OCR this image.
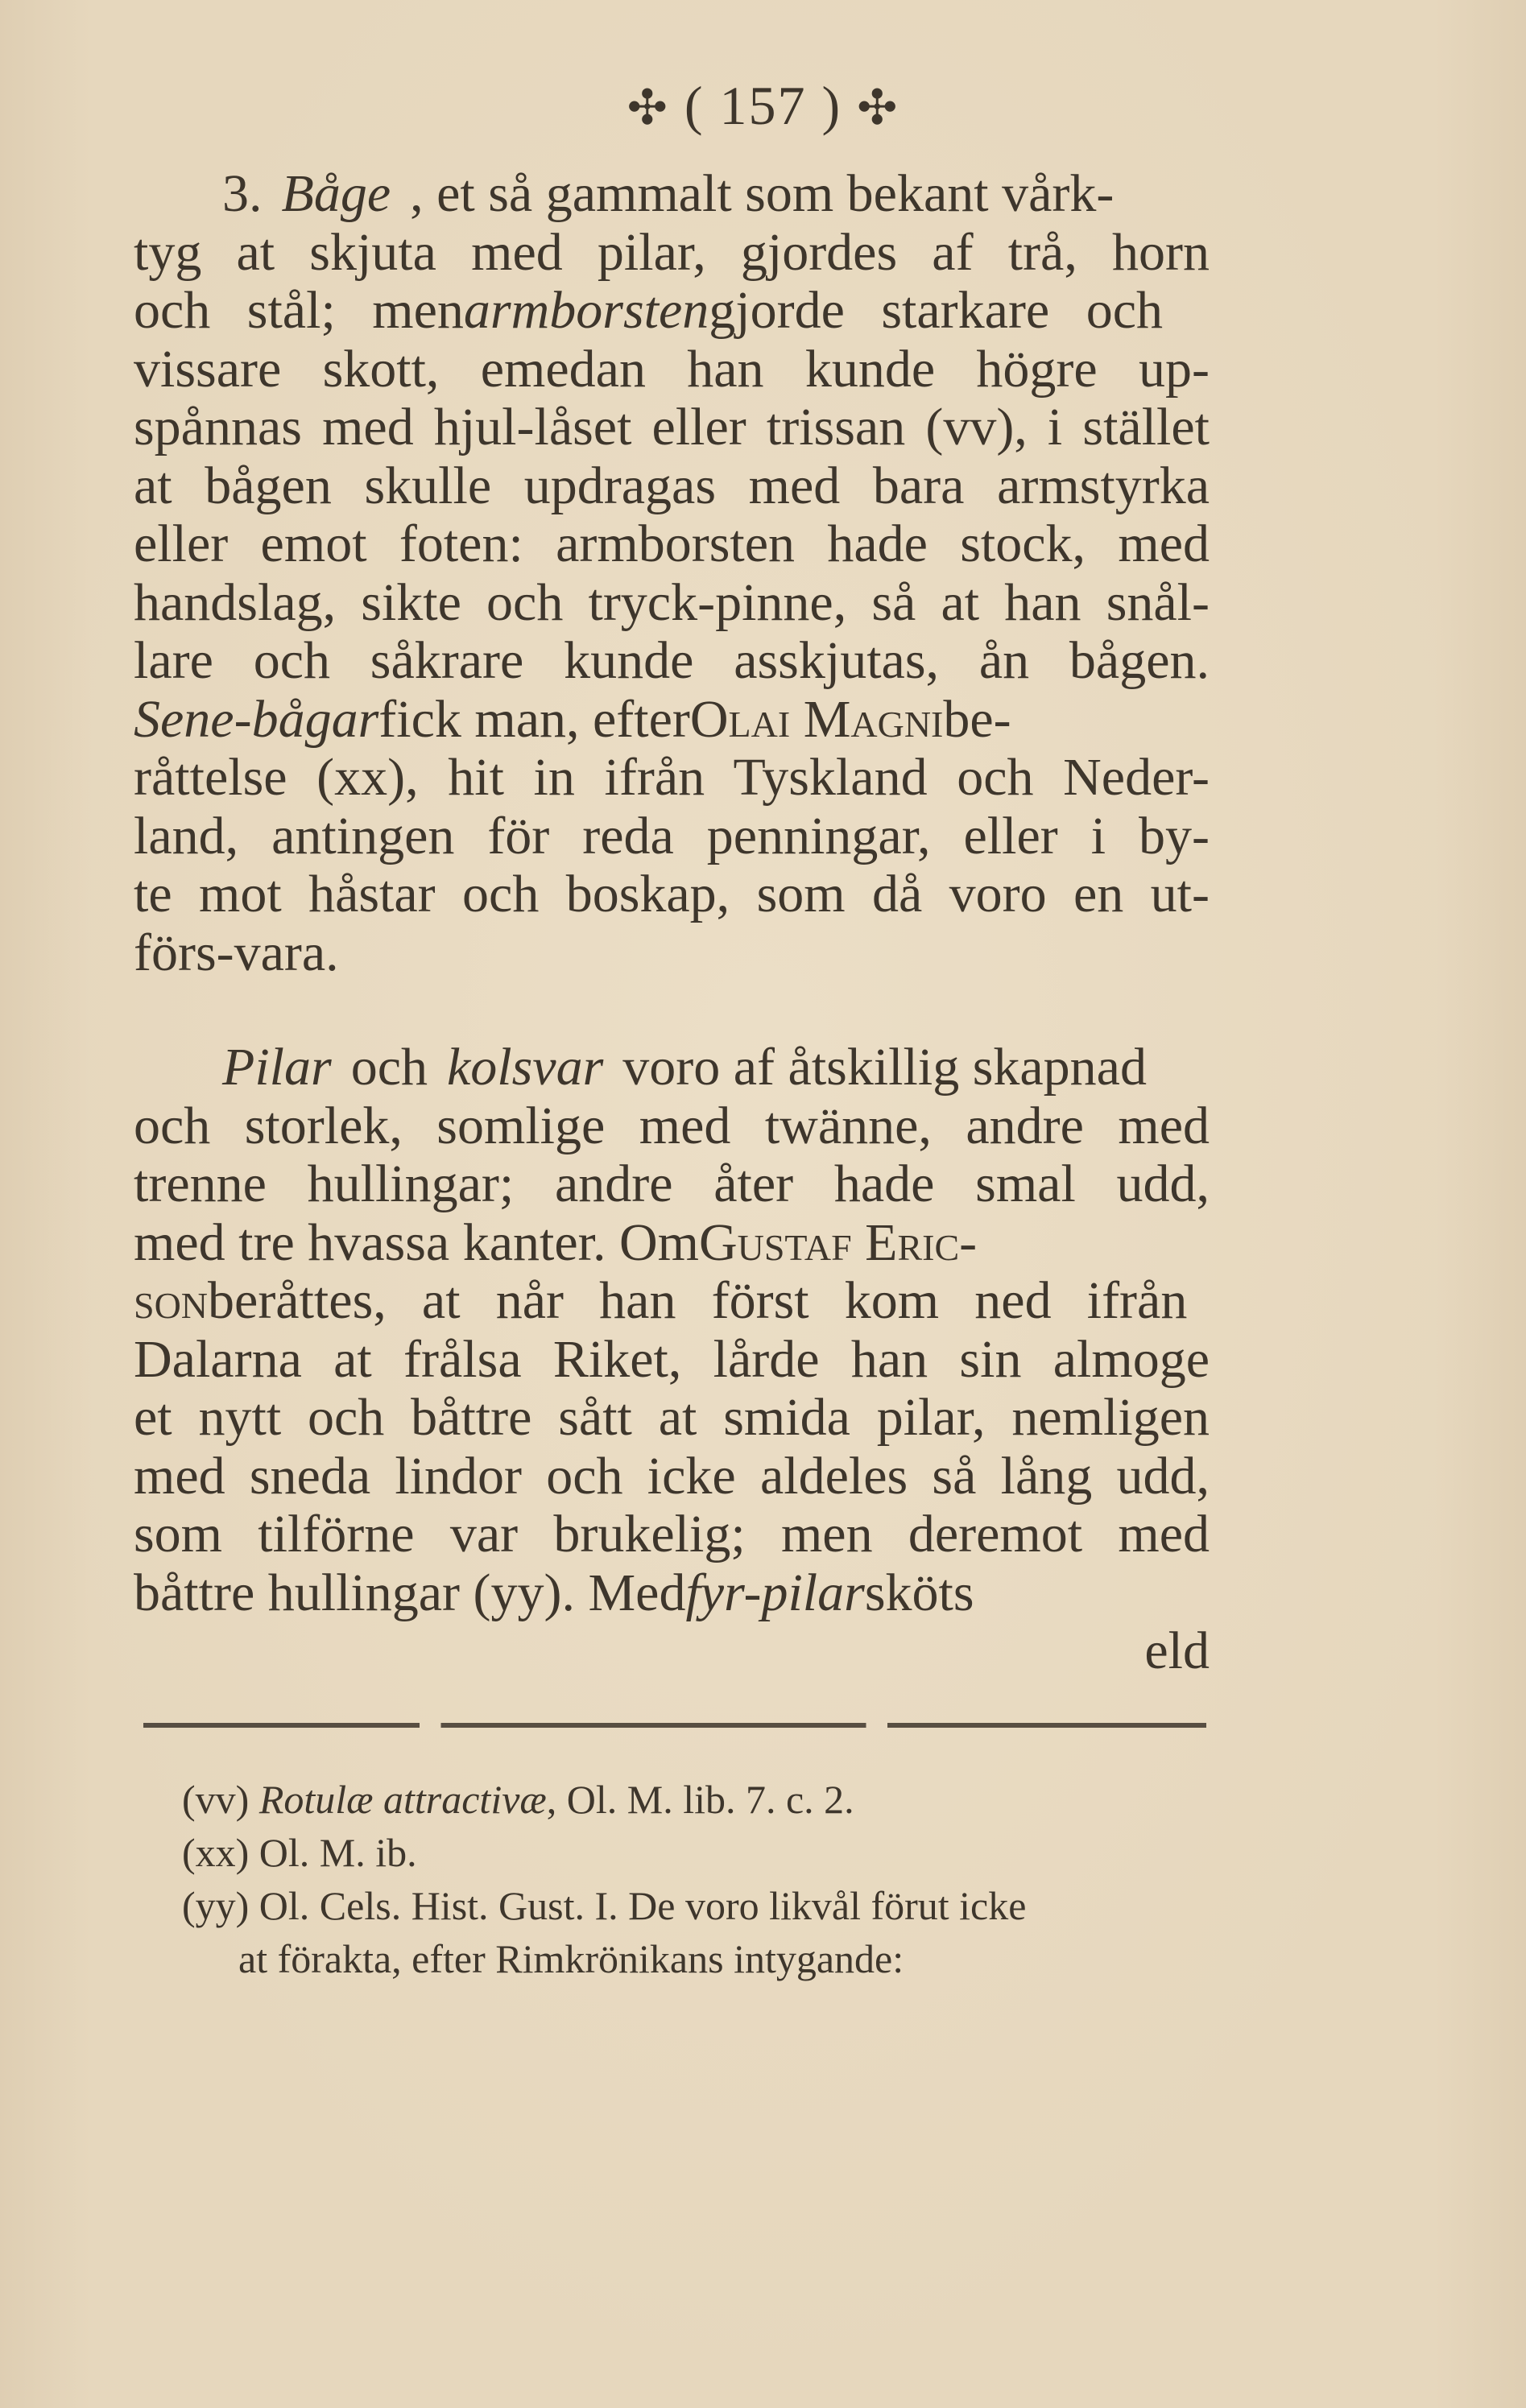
✣ ( 157 ) ✣
3. Båge , et så gammalt som bekant vårk-
tyg at skjuta med pilar, gjordes af trå, horn
och stål; men armborsten gjorde starkare och
vissare skott, emedan han kunde högre up-
spånnas med hjul-låset eller trissan (vv), i stället
at bågen skulle updragas med bara armstyrka
eller emot foten: armborsten hade stock, med
handslag, sikte och tryck-pinne, så at han snål-
lare och såkrare kunde asskjutas, ån bågen.
Sene-bågar fick man, efter Olai Magni be-
råttelse (xx), hit in ifrån Tyskland och Neder-
land, antingen för reda penningar, eller i by-
te mot håstar och boskap, som då voro en ut-
förs-vara.
Pilar och kolsvar voro af åtskillig skapnad
och storlek, somlige med twänne, andre med
trenne hullingar; andre åter hade smal udd,
med tre hvassa kanter. Om Gustaf Eric-
son beråttes, at når han först kom ned ifrån
Dalarna at frålsa Riket, lårde han sin almoge
et nytt och båttre sått at smida pilar, nemligen
med sneda lindor och icke aldeles så lång udd,
som tilförne var brukelig; men deremot med
båttre hullingar (yy). Med fyr-pilar sköts
eld
(vv) Rotulæ attractivæ, Ol. M. lib. 7. c. 2.
(xx) Ol. M. ib.
(yy) Ol. Cels. Hist. Gust. I. De voro likvål förut icke
at förakta, efter Rimkrönikans intygande:
